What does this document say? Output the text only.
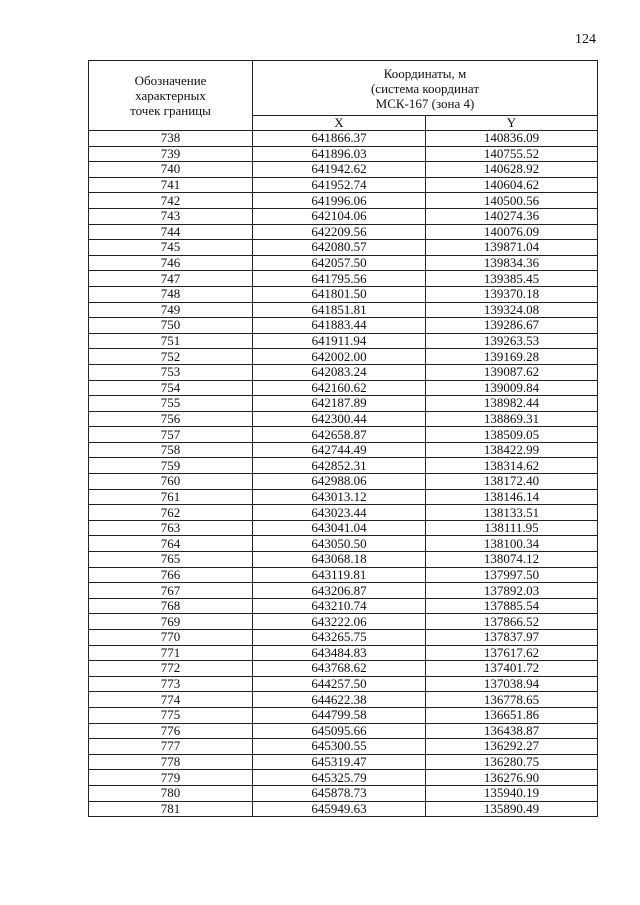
124
Обозначение
характерных
точек границы	Координаты, м
(система координат
МСК-167 (зона 4)	

	X	Y
738	641866.37	140836.09
739	641896.03	140755.52
740	641942.62	140628.92
741	641952.74	140604.62
742	641996.06	140500.56
743	642104.06	140274.36
744	642209.56	140076.09
745	642080.57	139871.04
746	642057.50	139834.36
747	641795.56	139385.45
748	641801.50	139370.18
749	641851.81	139324.08
750	641883.44	139286.67
751	641911.94	139263.53
752	642002.00	139169.28
753	642083.24	139087.62
754	642160.62	139009.84
755	642187.89	138982.44
756	642300.44	138869.31
757	642658.87	138509.05
758	642744.49	138422.99
759	642852.31	138314.62
760	642988.06	138172.40
761	643013.12	138146.14
762	643023.44	138133.51
763	643041.04	138111.95
764	643050.50	138100.34
765	643068.18	138074.12
766	643119.81	137997.50
767	643206.87	137892.03
768	643210.74	137885.54
769	643222.06	137866.52
770	643265.75	137837.97
771	643484.83	137617.62
772	643768.62	137401.72
773	644257.50	137038.94
774	644622.38	136778.65
775	644799.58	136651.86
776	645095.66	136438.87
777	645300.55	136292.27
778	645319.47	136280.75
779	645325.79	136276.90
780	645878.73	135940.19
781	645949.63	135890.49
